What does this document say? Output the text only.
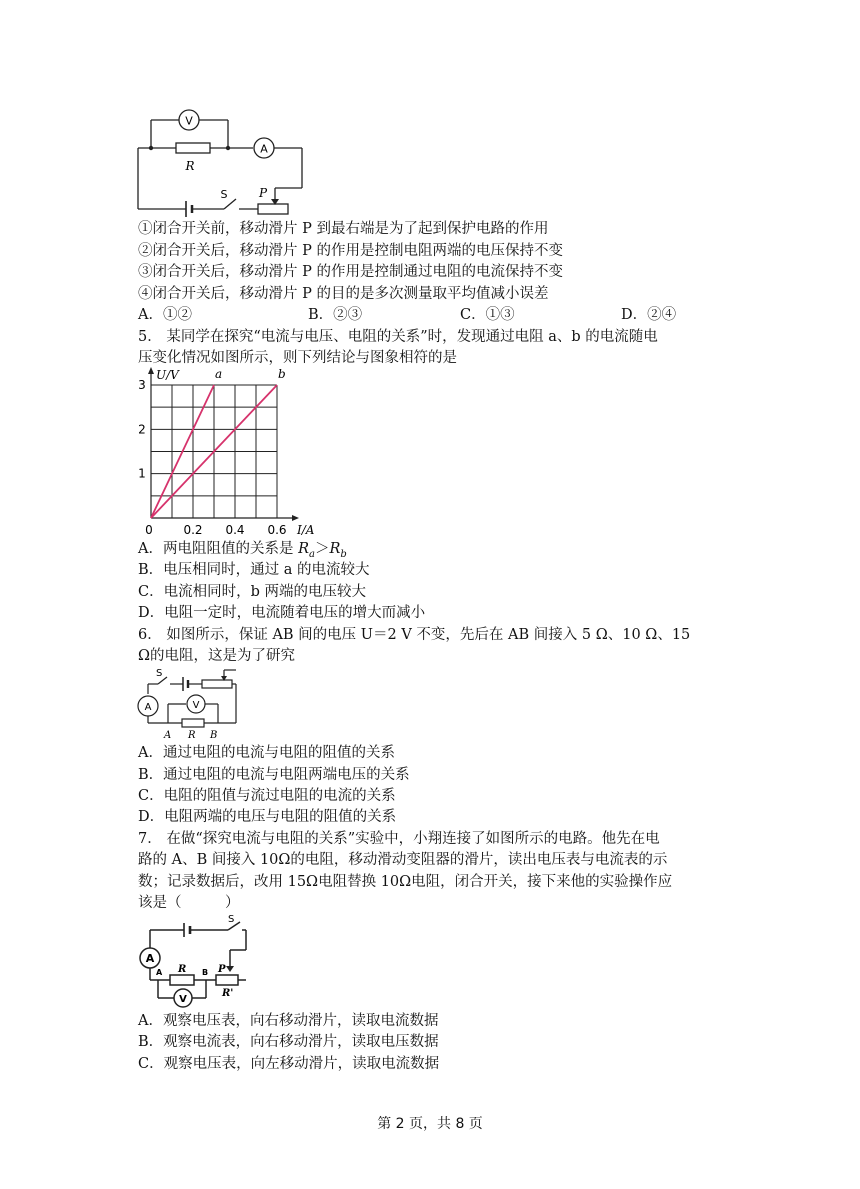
V
A
R
S	P
①闭合开关前，移动滑片 P 到最右端是为了起到保护电路的作用
②闭合开关后，移动滑片 P 的作用是控制电阻两端的电压保持不变
③闭合开关后，移动滑片 P 的作用是控制通过电阻的电流保持不变
④闭合开关后，移动滑片 P 的目的是多次测量取平均值减小误差
A．①②	B．②③	C．①③	D．②④
5． 某同学在探究“电流与电压、电阻的关系”时，发现通过电阻 a、b 的电流随电
压变化情况如图所示，则下列结论与图象相符的是
0	0.2 0.4 0.6
1
2
3
I/A
U/V	a	b
A．两电阻阻值的关系是 $R_a>R_b$
B．电压相同时，通过 a 的电流较大
C．电流相同时，b 两端的电压较大
D．电阻一定时，电流随着电压的增大而减小
6． 如图所示，保证 AB 间的电压 U＝2 V 不变，先后在 AB 间接入 5 Ω、10 Ω、15
Ω的电阻，这是为了研究
S
A	V
A R B
A．通过电阻的电流与电阻的阻值的关系
B．通过电阻的电流与电阻两端电压的关系
C．电阻的阻值与流过电阻的电流的关系
D．电阻两端的电压与电阻的阻值的关系
7． 在做“探究电流与电阻的关系”实验中，小翔连接了如图所示的电路。他先在电
路的 A、B 间接入 10Ω的电阻，移动滑动变阻器的滑片，读出电压表与电流表的示
数；记录数据后，改用 15Ω电阻替换 10Ω电阻，闭合开关，接下来他的实验操作应
该是（　　　）
S
A
R
A	B P
R'
V
A．观察电压表，向右移动滑片，读取电流数据
B．观察电流表，向右移动滑片，读取电压数据
C．观察电压表，向左移动滑片，读取电流数据
第 2 页，共 8 页
